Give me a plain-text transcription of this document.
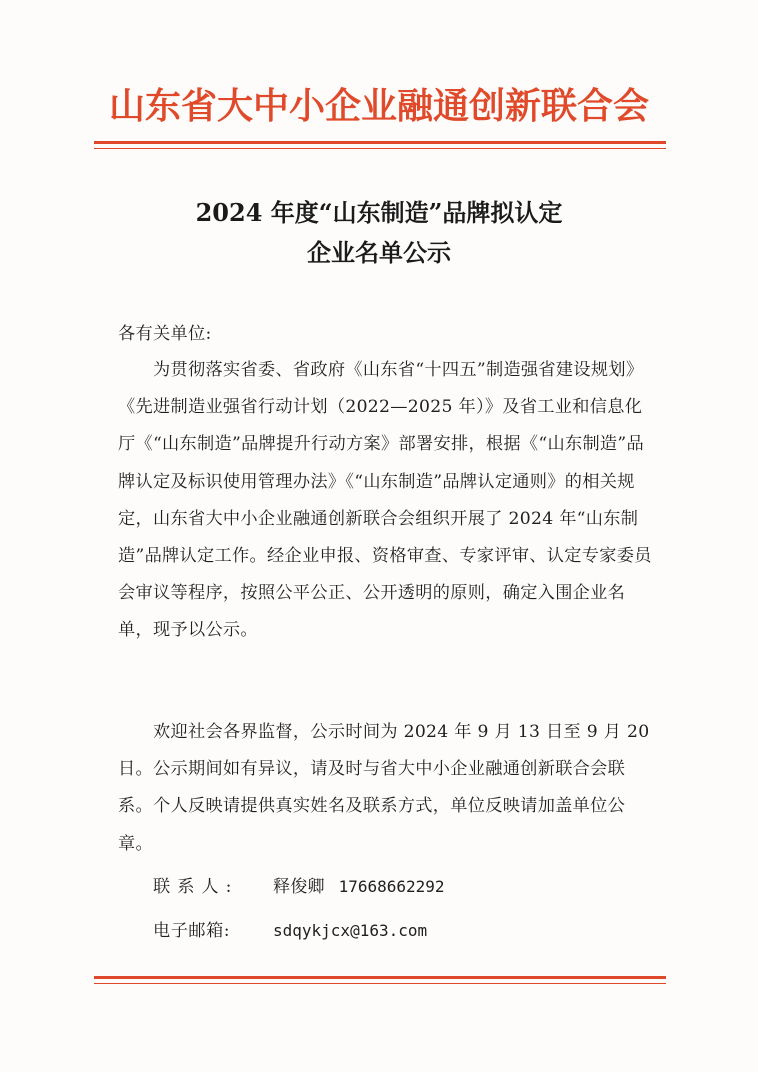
山东省大中小企业融通创新联合会
2024 年度“山东制造”品牌拟认定
企业名单公示
各有关单位:
为贯彻落实省委、省政府《山东省“十四五”制造强省建设规划》《先进制造业强省行动计划（2022—2025 年）》及省工业和信息化厅《“山东制造”品牌提升行动方案》部署安排，根据《“山东制造”品牌认定及标识使用管理办法》《“山东制造”品牌认定通则》的相关规定，山东省大中小企业融通创新联合会组织开展了 2024 年“山东制造”品牌认定工作。经企业申报、资格审查、专家评审、认定专家委员会审议等程序，按照公平公正、公开透明的原则，确定入围企业名单，现予以公示。
欢迎社会各界监督，公示时间为 2024 年 9 月 13 日至 9 月 20 日。公示期间如有异议，请及时与省大中小企业融通创新联合会联系。个人反映请提供真实姓名及联系方式，单位反映请加盖单位公章。
联系人: 释俊卿 17668662292
电子邮箱:	sdqykjcx@163.com
